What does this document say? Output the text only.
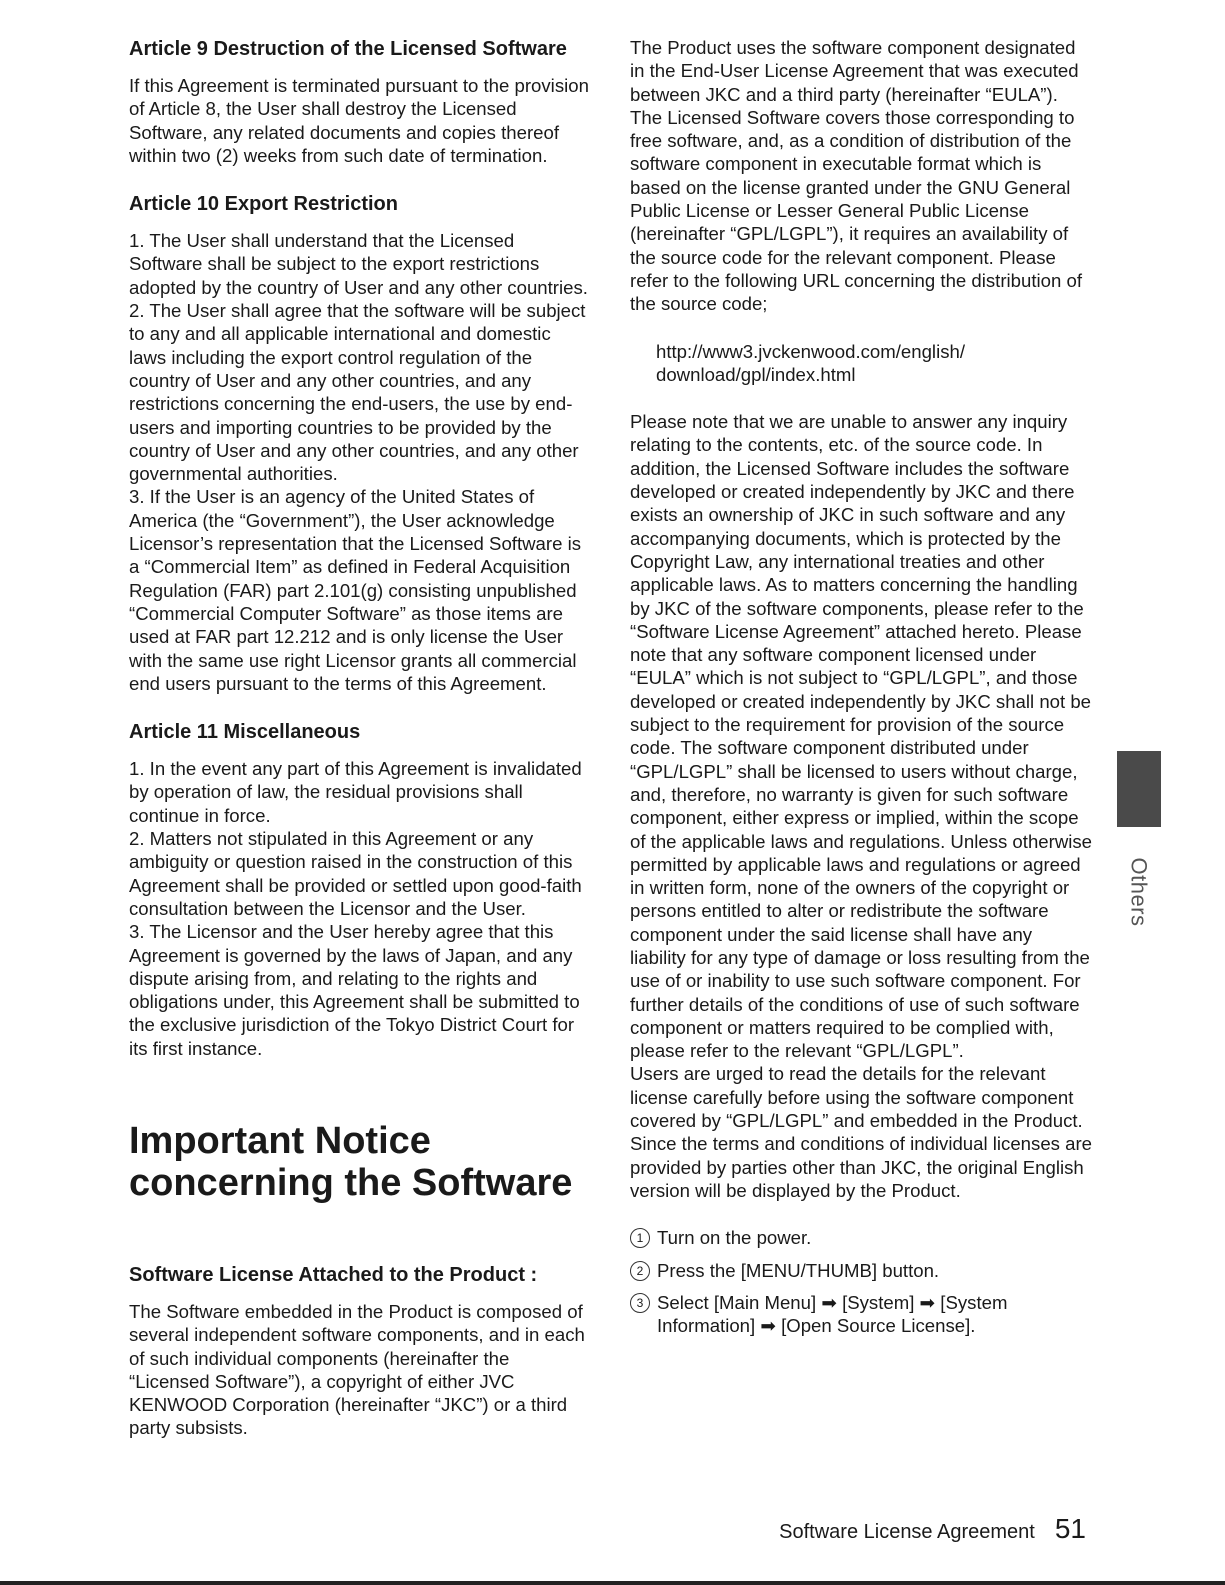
Article 9 Destruction of the Licensed Software

If this Agreement is terminated pursuant to the provision of Article 8, the User shall destroy the Licensed Software, any related documents and copies thereof within two (2) weeks from such date of termination.

Article 10 Export Restriction

1. The User shall understand that the Licensed Software shall be subject to the export restrictions adopted by the country of User and any other countries.

2. The User shall agree that the software will be subject to any and all applicable international and domestic laws including the export control regulation of the country of User and any other countries, and any restrictions concerning the end-users, the use by end-users and importing countries to be provided by the country of User and any other countries, and any other governmental authorities.

3. If the User is an agency of the United States of America (the “Government”), the User acknowledge Licensor’s representation that the Licensed Software is a “Commercial Item” as defined in Federal Acquisition Regulation (FAR) part 2.101(g) consisting unpublished “Commercial Computer Software” as those items are used at FAR part 12.212 and is only license the User with the same use right Licensor grants all commercial end users pursuant to the terms of this Agreement.

Article 11 Miscellaneous

1. In the event any part of this Agreement is invalidated by operation of law, the residual provisions shall continue in force.

2. Matters not stipulated in this Agreement or any ambiguity or question raised in the construction of this Agreement shall be provided or settled upon good-faith consultation between the Licensor and the User.

3. The Licensor and the User hereby agree that this Agreement is governed by the laws of Japan, and any dispute arising from, and relating to the rights and obligations under, this Agreement shall be submitted to the exclusive jurisdiction of the Tokyo District Court for its first instance.

Important Notice
concerning the Software
Software License Attached to the Product :

The Software embedded in the Product is composed of several independent software components, and in each of such individual components (hereinafter the “Licensed Software”), a copyright of either JVC KENWOOD Corporation (hereinafter “JKC”) or a third party subsists.

The Product uses the software component designated in the End-User License Agreement that was executed between JKC and a third party (hereinafter “EULA”). The Licensed Software covers those corresponding to free software, and, as a condition of distribution of the software component in executable format which is based on the license granted under the GNU General Public License or Lesser General Public License (hereinafter “GPL/LGPL”), it requires an availability of the source code for the relevant component. Please refer to the following URL concerning the distribution of the source code;

http://www3.jvckenwood.com/english/

download/gpl/index.html

Please note that we are unable to answer any inquiry relating to the contents, etc. of the source code. In addition, the Licensed Software includes the software developed or created independently by JKC and there exists an ownership of JKC in such software and any accompanying documents, which is protected by the Copyright Law, any international treaties and other applicable laws. As to matters concerning the handling by JKC of the software components, please refer to the “Software License Agreement” attached hereto. Please note that any software component licensed under “EULA” which is not subject to “GPL/LGPL”, and those developed or created independently by JKC shall not be subject to the requirement for provision of the source code. The software component distributed under “GPL/LGPL” shall be licensed to users without charge, and, therefore, no warranty is given for such software component, either express or implied, within the scope of the applicable laws and regulations. Unless otherwise permitted by applicable laws and regulations or agreed in written form, none of the owners of the copyright or persons entitled to alter or redistribute the software component under the said license shall have any liability for any type of damage or loss resulting from the use of or inability to use such software component. For further details of the conditions of use of such software component or matters required to be complied with, please refer to the relevant “GPL/LGPL”.

Users are urged to read the details for the relevant license carefully before using the software component covered by “GPL/LGPL” and embedded in the Product. Since the terms and conditions of individual licenses are provided by parties other than JKC, the original English version will be displayed by the Product.

1 Turn on the power.
2 Press the [MENU/THUMB] button.
3 Select [Main Menu] ➡ [System] ➡ [System Information] ➡ [Open Source License].
Others
Software License Agreement 51
